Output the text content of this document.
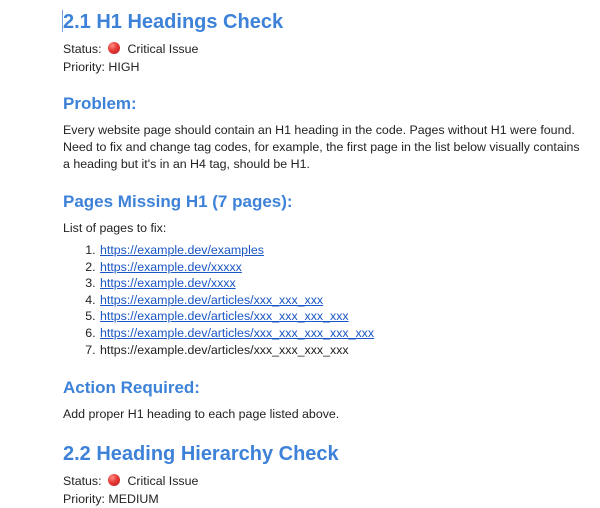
2.1 H1 Headings Check

Status: Critical Issue

Priority: HIGH

Problem:

Every website page should contain an H1 heading in the code. Pages without H1 were found. Need to fix and change tag codes, for example, the first page in the list below visually contains a heading but it's in an H4 tag, should be H1.

Pages Missing H1 (7 pages):

List of pages to fix:

1. https://example.dev/examples
2. https://example.dev/xxxxx
3. https://example.dev/xxxx
4. https://example.dev/articles/xxx_xxx_xxx
5. https://example.dev/articles/xxx_xxx_xxx_xxx
6. https://example.dev/articles/xxx_xxx_xxx_xxx_xxx
7. https://example.dev/articles/xxx_xxx_xxx_xxx
Action Required:

Add proper H1 heading to each page listed above.

2.2 Heading Hierarchy Check

Status: Critical Issue

Priority: MEDIUM
